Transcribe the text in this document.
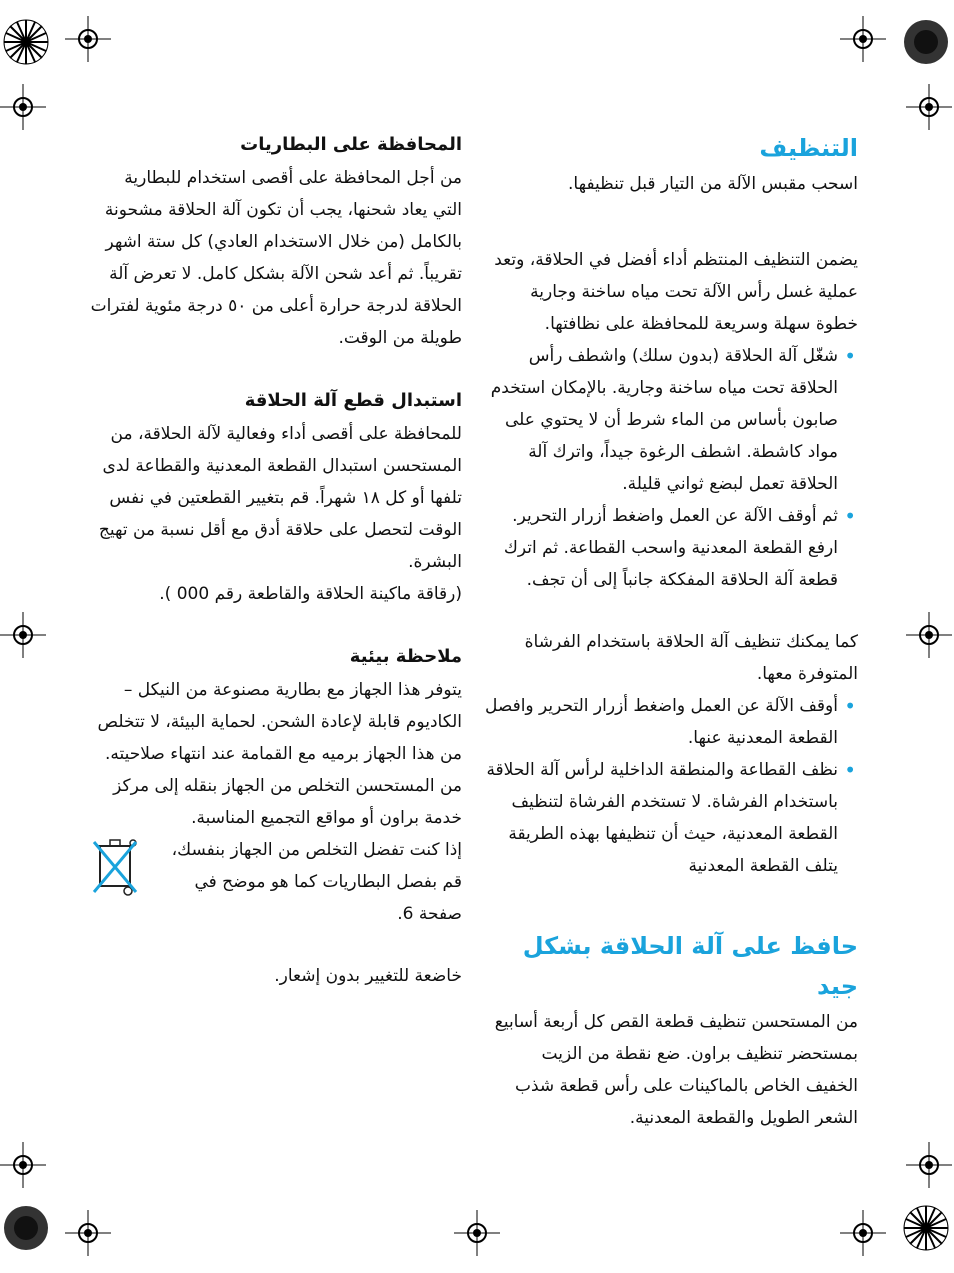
التنظيف

اسحب مقبس الآلة من التيار قبل تنظيفها.

يضمن التنظيف المنتظم أداء أفضل في الحلاقة، وتعد عملية غسل رأس الآلة تحت مياه ساخنة وجارية خطوة سهلة وسريعة للمحافظة على نظافتها.

•
شغّل آلة الحلاقة (بدون سلك) واشطف رأس الحلاقة تحت مياه ساخنة وجارية. بالإمكان استخدم صابون بأساس من الماء شرط أن لا يحتوي على مواد كاشطة. اشطف الرغوة جيداً، واترك آلة الحلاقة تعمل لبضع ثواني قليلة.
•
ثم أوقف الآلة عن العمل واضغط أزرار التحرير. ارفع القطعة المعدنية واسحب القطاعة. ثم اترك قطعة آلة الحلاقة المفككة جانباً إلى أن تجف.

كما يمكنك تنظيف آلة الحلاقة باستخدام الفرشاة المتوفرة معها.

•
أوقف الآلة عن العمل واضغط أزرار التحرير وافصل القطعة المعدنية عنها.
•
نظف القطاعة والمنطقة الداخلية لرأس آلة الحلاقة باستخدام الفرشاة. لا تستخدم الفرشاة لتنظيف القطعة المعدنية، حيث أن تنظيفها بهذه الطريقة يتلف القطعة المعدنية
حافظ على آلة الحلاقة بشكل جيد

من المستحسن تنظيف قطعة القص كل أربعة أسابيع بمستحضر تنظيف براون. ضع نقطة من الزيت الخفيف الخاص بالماكينات على رأس قطعة شذب الشعر الطويل والقطعة المعدنية.

المحافظة على البطاريات

من أجل المحافظة على أقصى استخدام للبطارية التي يعاد شحنها، يجب أن تكون آلة الحلاقة مشحونة بالكامل (من خلال الاستخدام العادي) كل ستة اشهر تقريباً. ثم أعد شحن الآلة بشكل كامل. لا تعرض آلة الحلاقة لدرجة حرارة أعلى من ٥٠ درجة مئوية لفترات طويلة من الوقت.

استبدال قطع آلة الحلاقة

للمحافظة على أقصى أداء وفعالية لآلة الحلاقة، من المستحسن استبدال القطعة المعدنية والقطاعة لدى تلفها أو كل ١٨ شهراً. قم بتغيير القطعتين في نفس الوقت لتحصل على حلاقة أدق مع أقل نسبة من تهيج البشرة.

(رقاقة ماكينة الحلاقة والقاطعة رقم 000 ).

ملاحظة بيئية

يتوفر هذا الجهاز مع بطارية مصنوعة من النيكل – الكاديوم قابلة لإعادة الشحن. لحماية البيئة، لا تتخلص من هذا الجهاز برميه مع القمامة عند انتهاء صلاحيته. من المستحسن التخلص من الجهاز بنقله إلى مركز خدمة براون أو مواقع التجميع المناسبة.

إذا كنت تفضل التخلص من الجهاز بنفسك، قم بفصل البطاريات كما هو موضح في صفحة 6.

خاضعة للتغيير بدون إشعار.
